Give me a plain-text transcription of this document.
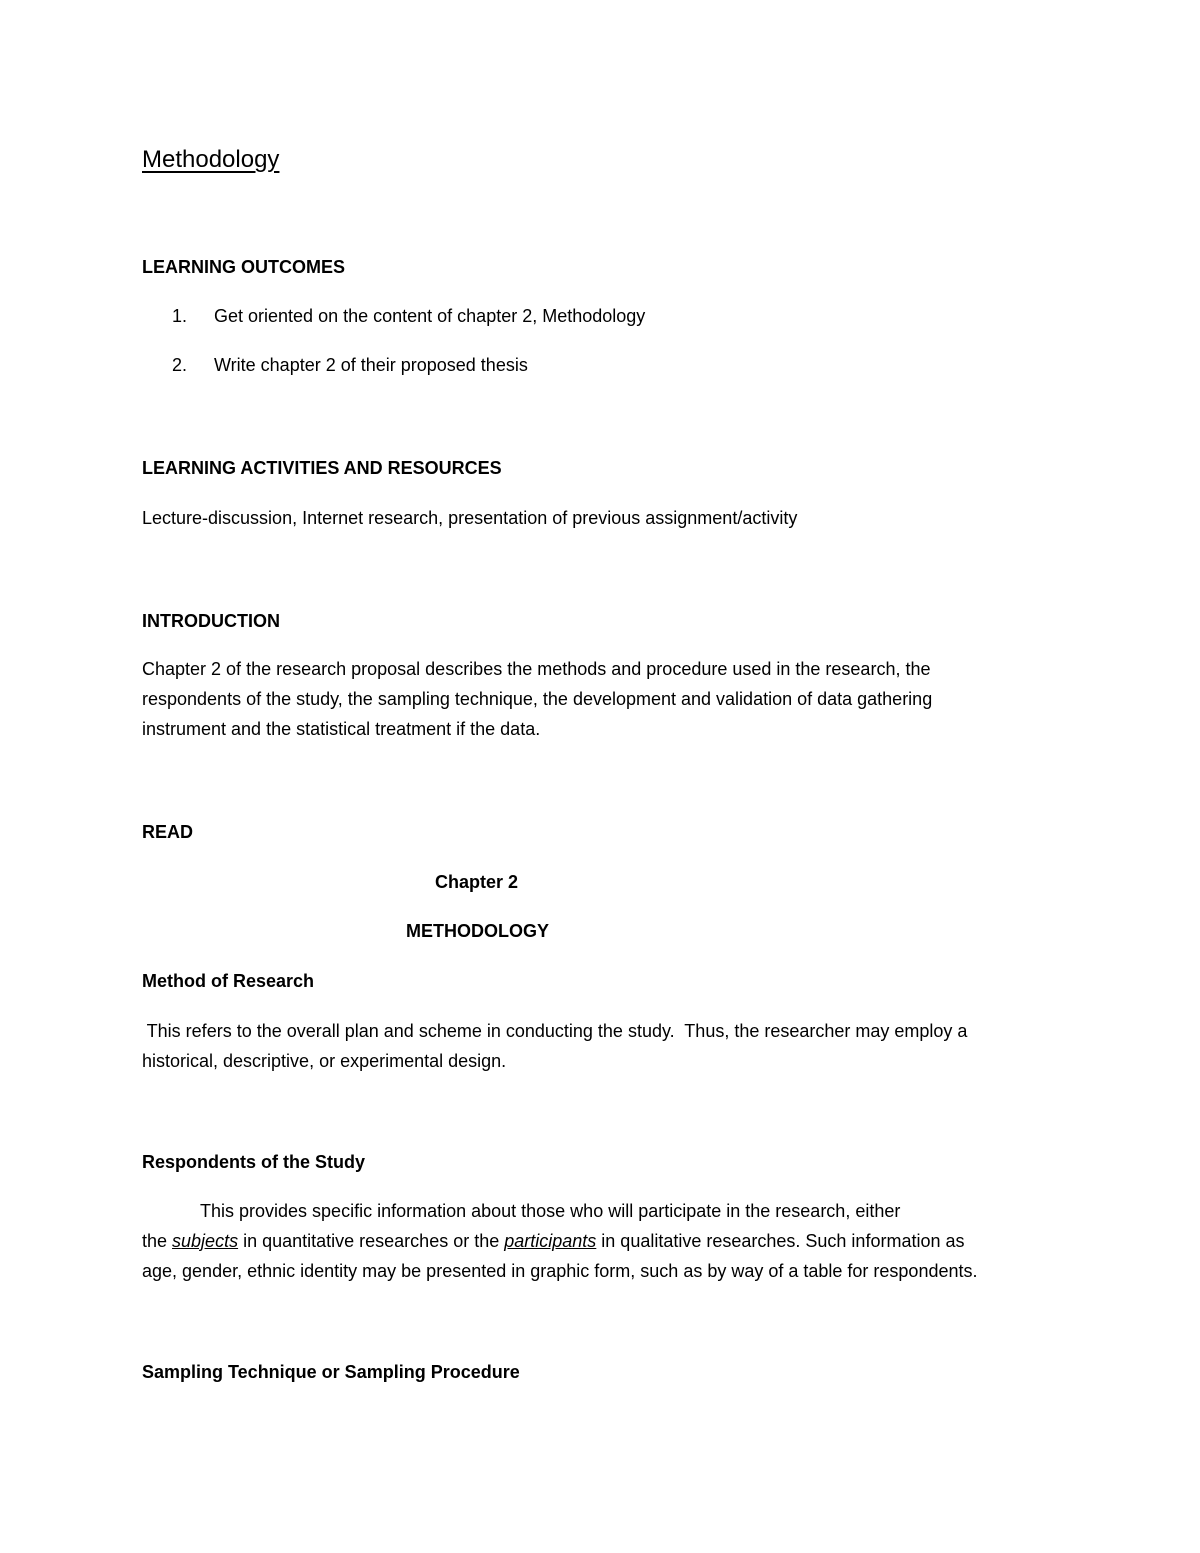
Methodology
LEARNING OUTCOMES
1. Get oriented on the content of chapter 2, Methodology
2. Write chapter 2 of their proposed thesis
LEARNING ACTIVITIES AND RESOURCES
Lecture-discussion, Internet research, presentation of previous assignment/activity
INTRODUCTION
Chapter 2 of the research proposal describes the methods and procedure used in the research, the
respondents of the study, the sampling technique, the development and validation of data gathering
instrument and the statistical treatment if the data.
READ
Chapter 2
METHODOLOGY
Method of Research
This refers to the overall plan and scheme in conducting the study.  Thus, the researcher may employ a
historical, descriptive, or experimental design.
Respondents of the Study
This provides specific information about those who will participate in the research, either
the subjects in quantitative researches or the participants in qualitative researches. Such information as
age, gender, ethnic identity may be presented in graphic form, such as by way of a table for respondents.
Sampling Technique or Sampling Procedure
